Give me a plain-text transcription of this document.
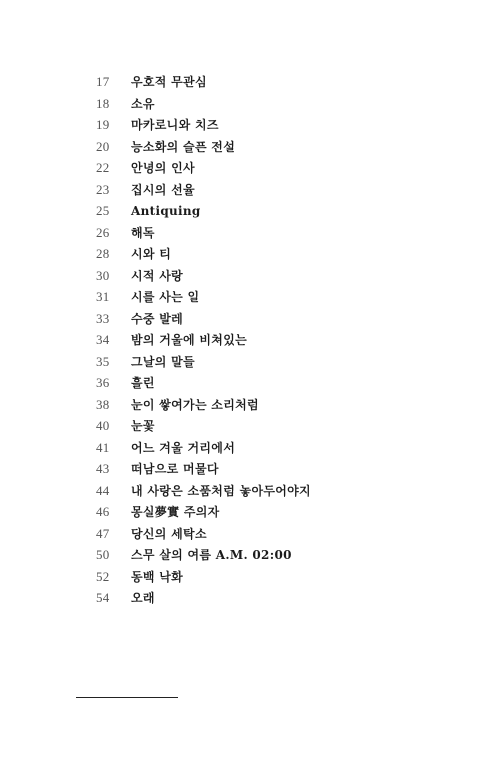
17	우호적 무관심
18	소유
19	마카로니와 치즈
20	능소화의 슬픈 전설
22	안녕의 인사
23	집시의 선율
25	Antiquing
26	해독
28	시와 티
30	시적 사랑
31	시를 사는 일
33	수중 발레
34	밤의 거울에 비쳐있는
35	그날의 말들
36	흘린
38	눈이 쌓여가는 소리처럼
40	눈꽃
41	어느 겨울 거리에서
43	떠남으로 머물다
44	내 사랑은 소품처럼 놓아두어야지
46	몽실夢實 주의자
47	당신의 세탁소
50	스무 살의 여름 A.M. 02:00
52	동백 낙화
54	오래
